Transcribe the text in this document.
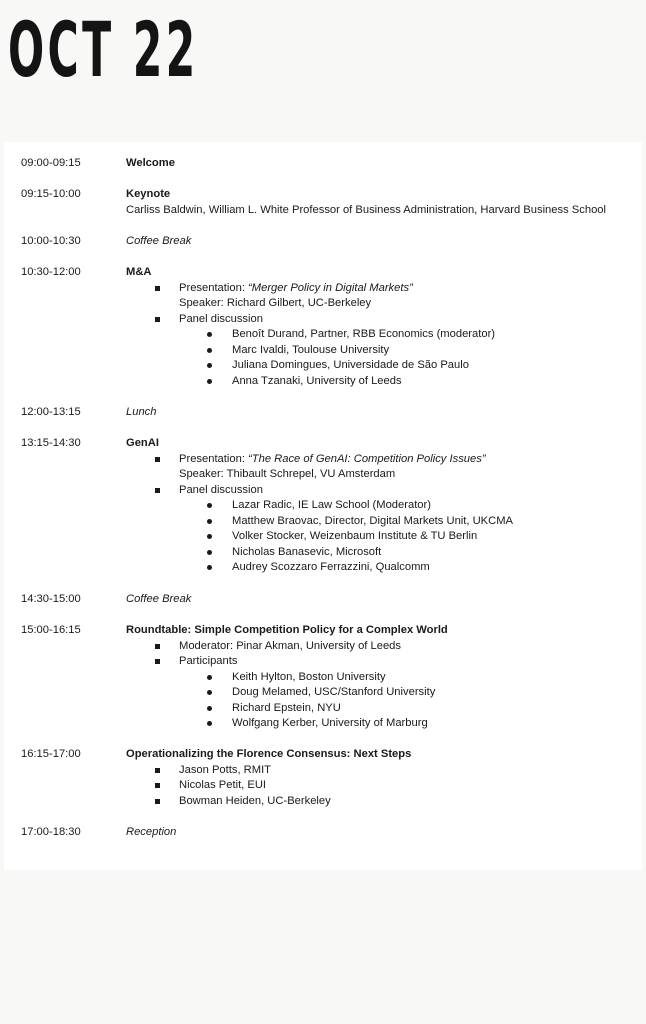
OCT 22
09:00-09:15	Welcome
09:15-10:00	Keynote
Carliss Baldwin, William L. White Professor of Business Administration, Harvard Business School
10:00-10:30	Coffee Break
10:30-12:00	M&A
Presentation: “Merger Policy in Digital Markets”
Speaker: Richard Gilbert, UC-Berkeley
Panel discussion
Benoît Durand, Partner, RBB Economics (moderator)
Marc Ivaldi, Toulouse University
Juliana Domingues, Universidade de São Paulo
Anna Tzanaki, University of Leeds
12:00-13:15	Lunch
13:15-14:30	GenAI
Presentation: “The Race of GenAI: Competition Policy Issues”
Speaker: Thibault Schrepel, VU Amsterdam
Panel discussion
Lazar Radic, IE Law School (Moderator)
Matthew Braovac, Director, Digital Markets Unit, UKCMA
Volker Stocker, Weizenbaum Institute & TU Berlin
Nicholas Banasevic, Microsoft
Audrey Scozzaro Ferrazzini, Qualcomm
14:30-15:00	Coffee Break
15:00-16:15	Roundtable: Simple Competition Policy for a Complex World
Moderator: Pinar Akman, University of Leeds
Participants
Keith Hylton, Boston University
Doug Melamed, USC/Stanford University
Richard Epstein, NYU
Wolfgang Kerber, University of Marburg
16:15-17:00	Operationalizing the Florence Consensus: Next Steps
Jason Potts, RMIT
Nicolas Petit, EUI
Bowman Heiden, UC-Berkeley
17:00-18:30	Reception
